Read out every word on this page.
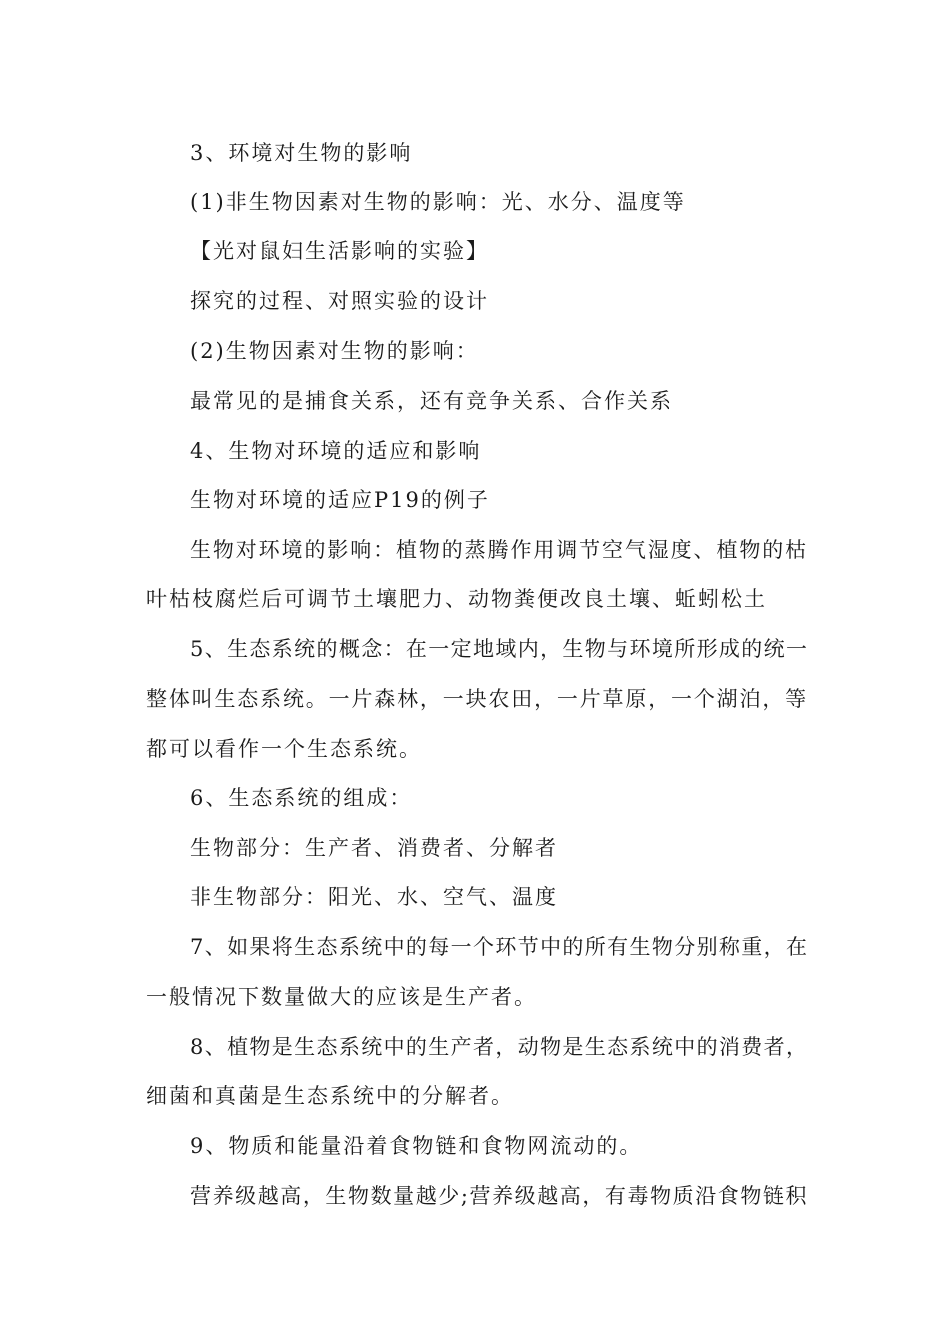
3、环境对生物的影响
(1)非生物因素对生物的影响：光、水分、温度等
【光对鼠妇生活影响的实验】
探究的过程、对照实验的设计
(2)生物因素对生物的影响：
最常见的是捕食关系，还有竞争关系、合作关系
4、生物对环境的适应和影响
生物对环境的适应P19的例子
生物对环境的影响：植物的蒸腾作用调节空气湿度、植物的枯
叶枯枝腐烂后可调节土壤肥力、动物粪便改良土壤、蚯蚓松土
5、生态系统的概念：在一定地域内，生物与环境所形成的统一
整体叫生态系统。一片森林，一块农田，一片草原，一个湖泊，等
都可以看作一个生态系统。
6、生态系统的组成：
生物部分：生产者、消费者、分解者
非生物部分：阳光、水、空气、温度
7、如果将生态系统中的每一个环节中的所有生物分别称重，在
一般情况下数量做大的应该是生产者。
8、植物是生态系统中的生产者，动物是生态系统中的消费者，
细菌和真菌是生态系统中的分解者。
9、物质和能量沿着食物链和食物网流动的。
营养级越高，生物数量越少;营养级越高，有毒物质沿食物链积
